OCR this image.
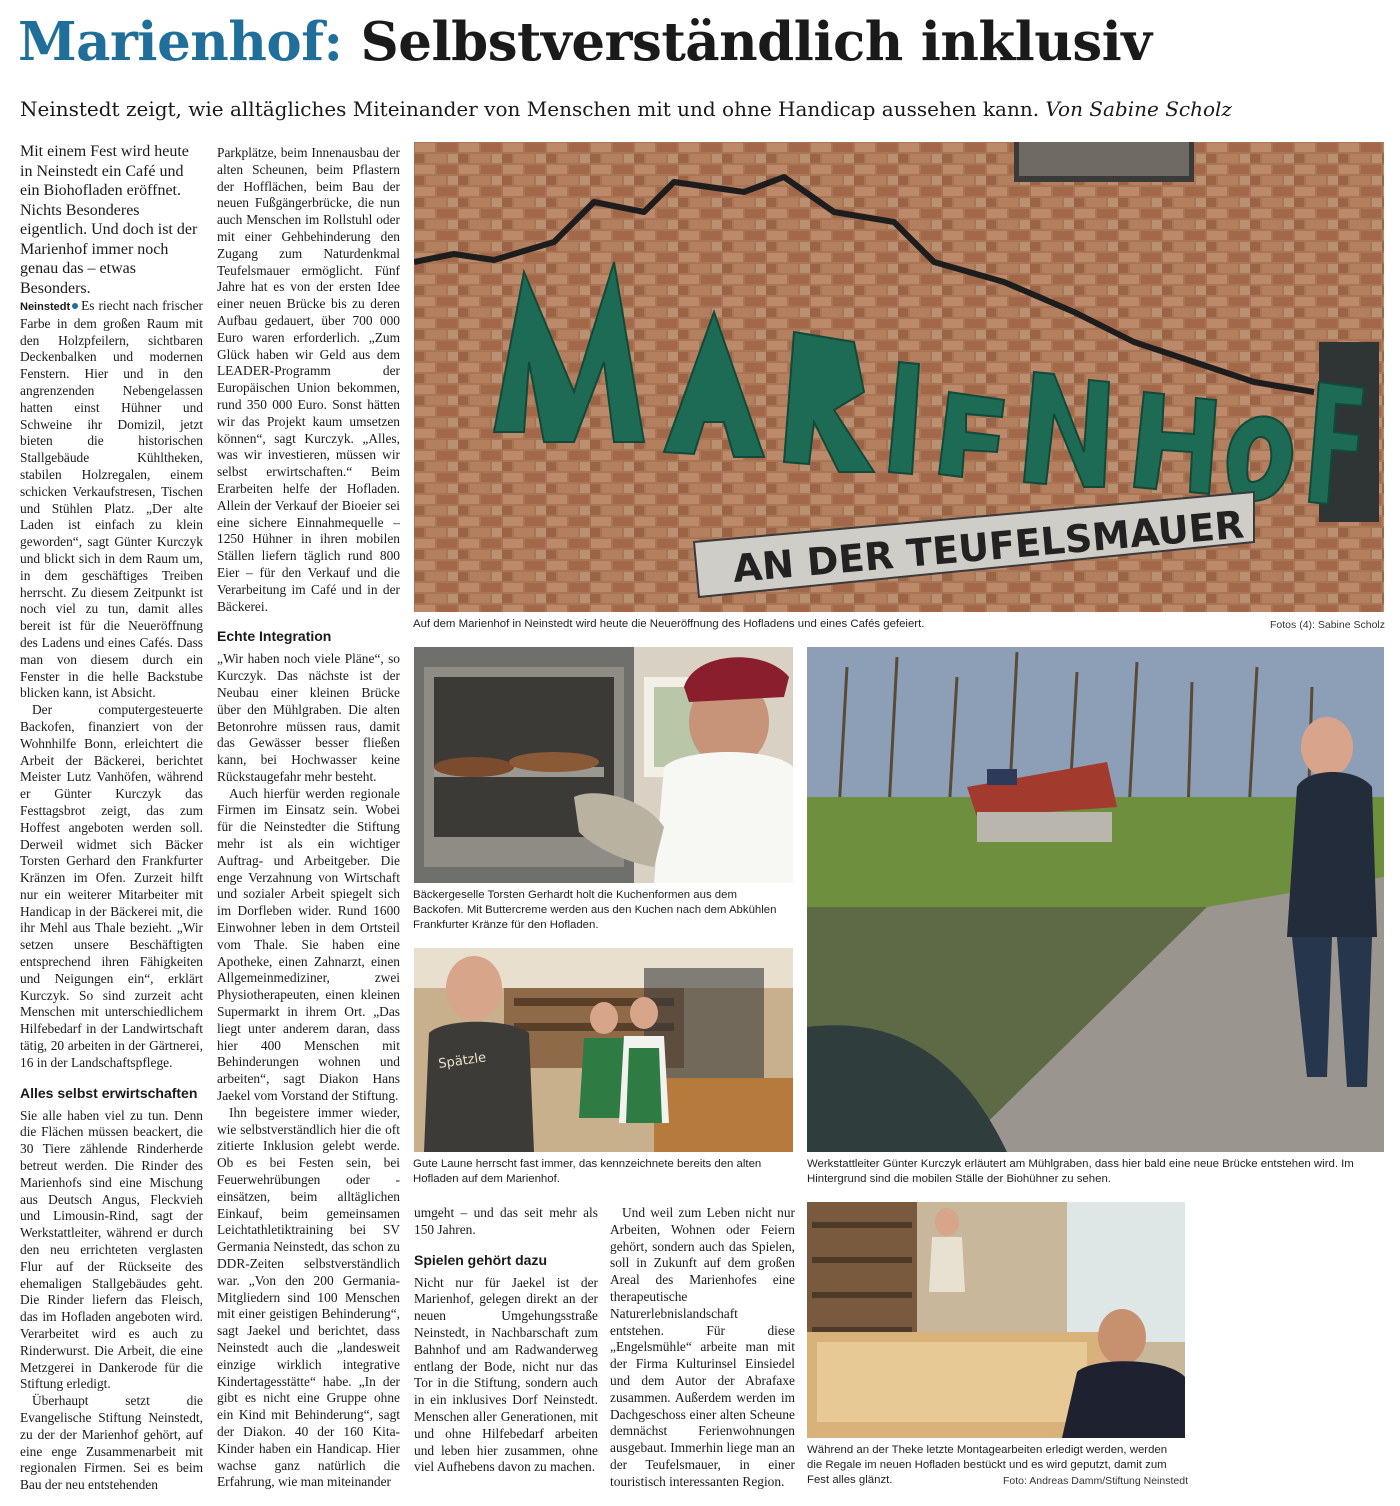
Marienhof: Selbstverständlich inklusiv
Neinstedt zeigt, wie alltägliches Miteinander von Menschen mit und ohne Handicap aussehen kann. Von Sabine Scholz

Mit einem Fest wird heute in Neinstedt ein Café und ein Biohofladen eröffnet. Nichts Besonderes eigentlich. Und doch ist der Marienhof immer noch genau das – etwas Besonders.

Neinstedt Es riecht nach frischer Farbe in dem großen Raum mit den Holzpfeilern, sichtbaren Deckenbalken und modernen Fenstern. Hier und in den angrenzenden Nebengelassen hatten einst Hühner und Schweine ihr Domizil, jetzt bieten die historischen Stallgebäude Kühltheken, stabilen Holzregalen, einem schicken Verkaufstresen, Tischen und Stühlen Platz. „Der alte Laden ist einfach zu klein geworden“, sagt Günter Kurczyk und blickt sich in dem Raum um, in dem geschäftiges Treiben herrscht. Zu diesem Zeitpunkt ist noch viel zu tun, damit alles bereit ist für die Neueröffnung des Ladens und eines Cafés. Dass man von diesem durch ein Fenster in die helle Backstube blicken kann, ist Absicht.

Der computergesteuerte Backofen, finanziert von der Wohnhilfe Bonn, erleichtert die Arbeit der Bäckerei, berichtet Meister Lutz Vanhöfen, während er Günter Kurczyk das Festtagsbrot zeigt, das zum Hoffest angeboten werden soll. Derweil widmet sich Bäcker Torsten Gerhard den Frankfurter Kränzen im Ofen. Zurzeit hilft nur ein weiterer Mitarbeiter mit Handicap in der Bäckerei mit, die ihr Mehl aus Thale bezieht. „Wir setzen unsere Beschäftigten entsprechend ihren Fähigkeiten und Neigungen ein“, erklärt Kurczyk. So sind zurzeit acht Menschen mit unterschiedlichem Hilfebedarf in der Landwirtschaft tätig, 20 arbeiten in der Gärtnerei, 16 in der Landschaftspflege.

Alles selbst erwirtschaften

Sie alle haben viel zu tun. Denn die Flächen müssen beackert, die 30 Tiere zählende Rinderherde betreut werden. Die Rinder des Marienhofs sind eine Mischung aus Deutsch Angus, Fleckvieh und Limousin-Rind, sagt der Werkstattleiter, während er durch den neu errichteten verglasten Flur auf der Rückseite des ehemaligen Stallgebäudes geht. Die Rinder liefern das Fleisch, das im Hofladen angeboten wird. Verarbeitet wird es auch zu Rinderwurst. Die Arbeit, die eine Metzgerei in Dankerode für die Stiftung erledigt.

Überhaupt setzt die Evangelische Stiftung Neinstedt, zu der der Marienhof gehört, auf eine enge Zusammenarbeit mit regionalen Firmen. Sei es beim Bau der neu entstehenden

Parkplätze, beim Innenausbau der alten Scheunen, beim Pflastern der Hofflächen, beim Bau der neuen Fußgängerbrücke, die nun auch Menschen im Rollstuhl oder mit einer Gehbehinderung den Zugang zum Naturdenkmal Teufelsmauer ermöglicht. Fünf Jahre hat es von der ersten Idee einer neuen Brücke bis zu deren Aufbau gedauert, über 700 000 Euro waren erforderlich. „Zum Glück haben wir Geld aus dem LEADER-Programm der Europäischen Union bekommen, rund 350 000 Euro. Sonst hätten wir das Projekt kaum umsetzen können“, sagt Kurczyk. „Alles, was wir investieren, müssen wir selbst erwirtschaften.“ Beim Erarbeiten helfe der Hofladen. Allein der Verkauf der Bioeier sei eine sichere Einnahmequelle – 1250 Hühner in ihren mobilen Ställen liefern täglich rund 800 Eier – für den Verkauf und die Verarbeitung im Café und in der Bäckerei.

Echte Integration

„Wir haben noch viele Pläne“, so Kurczyk. Das nächste ist der Neubau einer kleinen Brücke über den Mühlgraben. Die alten Betonrohre müssen raus, damit das Gewässer besser fließen kann, bei Hochwasser keine Rückstaugefahr mehr besteht.

Auch hierfür werden regionale Firmen im Einsatz sein. Wobei für die Neinstedter die Stiftung mehr ist als ein wichtiger Auftrag- und Arbeitgeber. Die enge Verzahnung von Wirtschaft und sozialer Arbeit spiegelt sich im Dorfleben wider. Rund 1600 Einwohner leben in dem Ortsteil vom Thale. Sie haben eine Apotheke, einen Zahnarzt, einen Allgemeinmediziner, zwei Physiotherapeuten, einen kleinen Supermarkt in ihrem Ort. „Das liegt unter anderem daran, dass hier 400 Menschen mit Behinderungen wohnen und arbeiten“, sagt Diakon Hans Jaekel vom Vorstand der Stiftung.

Ihn begeistere immer wieder, wie selbstverständlich hier die oft zitierte Inklusion gelebt werde. Ob es bei Festen sein, bei Feuerwehrübungen oder -einsätzen, beim alltäglichen Einkauf, beim gemeinsamen Leichtathletiktraining bei SV Germania Neinstedt, das schon zu DDR-Zeiten selbstverständlich war. „Von den 200 Germania-Mitgliedern sind 100 Menschen mit einer geistigen Behinderung“, sagt Jaekel und berichtet, dass Neinstedt auch die „landesweit einzige wirklich integrative Kindertagesstätte“ habe. „In der gibt es nicht eine Gruppe ohne ein Kind mit Behinderung“, sagt der Diakon. 40 der 160 Kita-Kinder haben ein Handicap. Hier wachse ganz natürlich die Erfahrung, wie man miteinander

umgeht – und das seit mehr als 150 Jahren.

Spielen gehört dazu

Nicht nur für Jaekel ist der Marienhof, gelegen direkt an der neuen Umgehungsstraße Neinstedt, in Nachbarschaft zum Bahnhof und am Radwanderweg entlang der Bode, nicht nur das Tor in die Stiftung, sondern auch in ein inklusives Dorf Neinstedt. Menschen aller Generationen, mit und ohne Hilfebedarf arbeiten und leben hier zusammen, ohne viel Aufhebens davon zu machen.

Und weil zum Leben nicht nur Arbeiten, Wohnen oder Feiern gehört, sondern auch das Spielen, soll in Zukunft auf dem großen Areal des Marienhofes eine therapeutische Naturerlebnislandschaft entstehen. Für diese „Engelsmühle“ arbeite man mit der Firma Kulturinsel Einsiedel und dem Autor der Abrafaxe zusammen. Außerdem werden im Dachgeschoss einer alten Scheune demnächst Ferienwohnungen ausgebaut. Immerhin liege man an der Teufelsmauer, in einer touristisch interessanten Region.

AN DER TEUFELSMAUER
Auf dem Marienhof in Neinstedt wird heute die Neueröffnung des Hofladens und eines Cafés gefeiert.	Fotos (4): Sabine Scholz
Bäckergeselle Torsten Gerhardt holt die Kuchenformen aus dem Backofen. Mit Buttercreme werden aus den Kuchen nach dem Abkühlen Frankfurter Kränze für den Hofladen.
Spätzle
Gute Laune herrscht fast immer, das kennzeichnete bereits den alten Hofladen auf dem Marienhof.
Werkstattleiter Günter Kurczyk erläutert am Mühlgraben, dass hier bald eine neue Brücke entstehen wird. Im Hintergrund sind die mobilen Ställe der Biohühner zu sehen.
Während an der Theke letzte Montagearbeiten erledigt werden, werden die Regale im neuen Hofladen bestückt und es wird geputzt, damit zum Fest alles glänzt.	Foto: Andreas Damm/Stiftung Neinstedt
